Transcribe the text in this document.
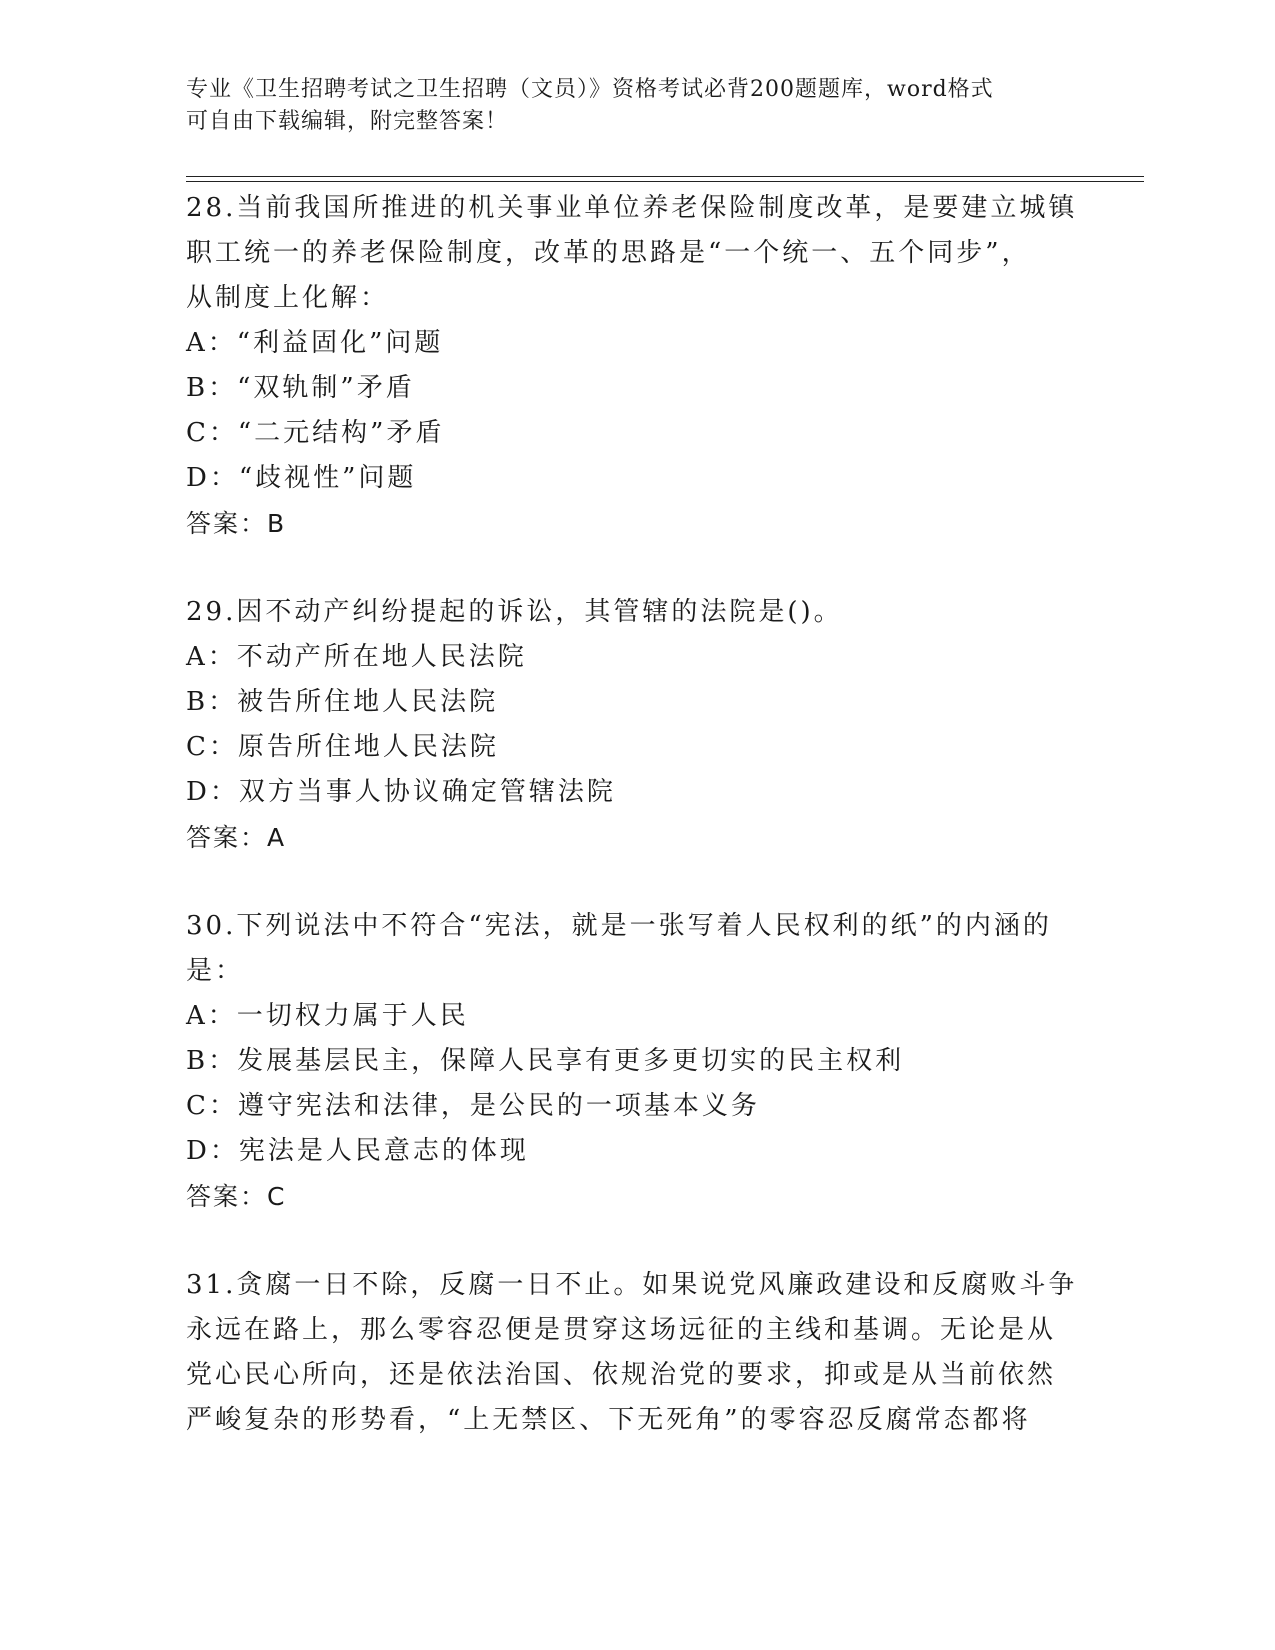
专业《卫生招聘考试之卫生招聘（文员）》资格考试必背200题题库，word格式
可自由下载编辑，附完整答案！
28.当前我国所推进的机关事业单位养老保险制度改革，是要建立城镇
职工统一的养老保险制度，改革的思路是“一个统一、五个同步”，
从制度上化解：
A：“利益固化”问题
B：“双轨制”矛盾
C：“二元结构”矛盾
D：“歧视性”问题
答案：B
29.因不动产纠纷提起的诉讼，其管辖的法院是()。
A：不动产所在地人民法院
B：被告所住地人民法院
C：原告所住地人民法院
D：双方当事人协议确定管辖法院
答案：A
30.下列说法中不符合“宪法，就是一张写着人民权利的纸”的内涵的
是：
A：一切权力属于人民
B：发展基层民主，保障人民享有更多更切实的民主权利
C：遵守宪法和法律，是公民的一项基本义务
D：宪法是人民意志的体现
答案：C
31.贪腐一日不除，反腐一日不止。如果说党风廉政建设和反腐败斗争
永远在路上，那么零容忍便是贯穿这场远征的主线和基调。无论是从
党心民心所向，还是依法治国、依规治党的要求，抑或是从当前依然
严峻复杂的形势看，“上无禁区、下无死角”的零容忍反腐常态都将
